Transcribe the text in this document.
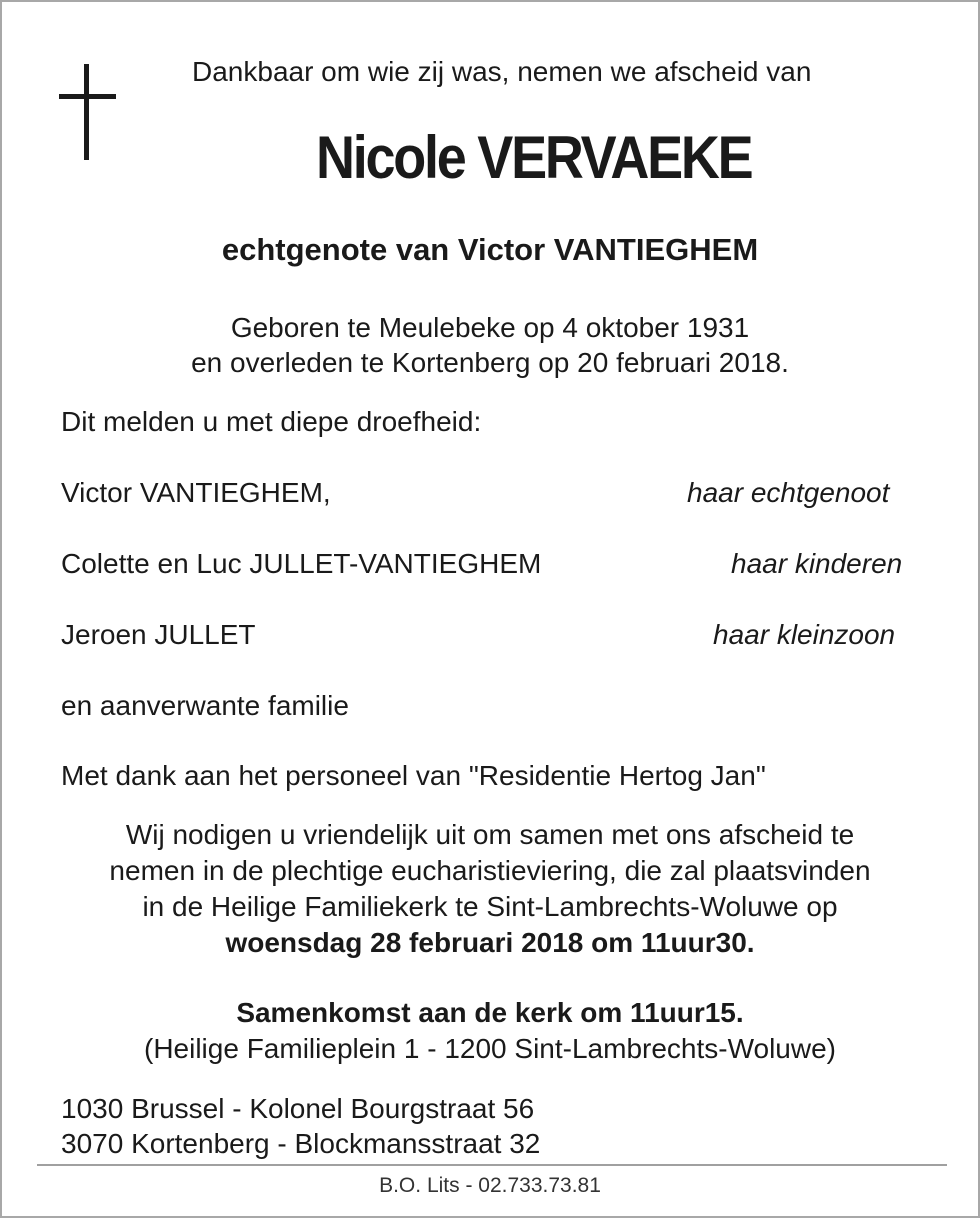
Dankbaar om wie zij was, nemen we afscheid van
Nicole VERVAEKE
echtgenote van Victor VANTIEGHEM
Geboren te Meulebeke op 4 oktober 1931
en overleden te Kortenberg op 20 februari 2018.
Dit melden u met diepe droefheid:
Victor VANTIEGHEM,	haar echtgenoot
Colette en Luc JULLET-VANTIEGHEM	haar kinderen
Jeroen JULLET	haar kleinzoon
en aanverwante familie
Met dank aan het personeel van "Residentie Hertog Jan"
Wij nodigen u vriendelijk uit om samen met ons afscheid te
nemen in de plechtige eucharistieviering, die zal plaatsvinden
in de Heilige Familiekerk te Sint-Lambrechts-Woluwe op
woensdag 28 februari 2018 om 11uur30.
Samenkomst aan de kerk om 11uur15.
(Heilige Familieplein 1 - 1200 Sint-Lambrechts-Woluwe)
1030 Brussel - Kolonel Bourgstraat 56
3070 Kortenberg - Blockmansstraat 32
B.O. Lits - 02.733.73.81
